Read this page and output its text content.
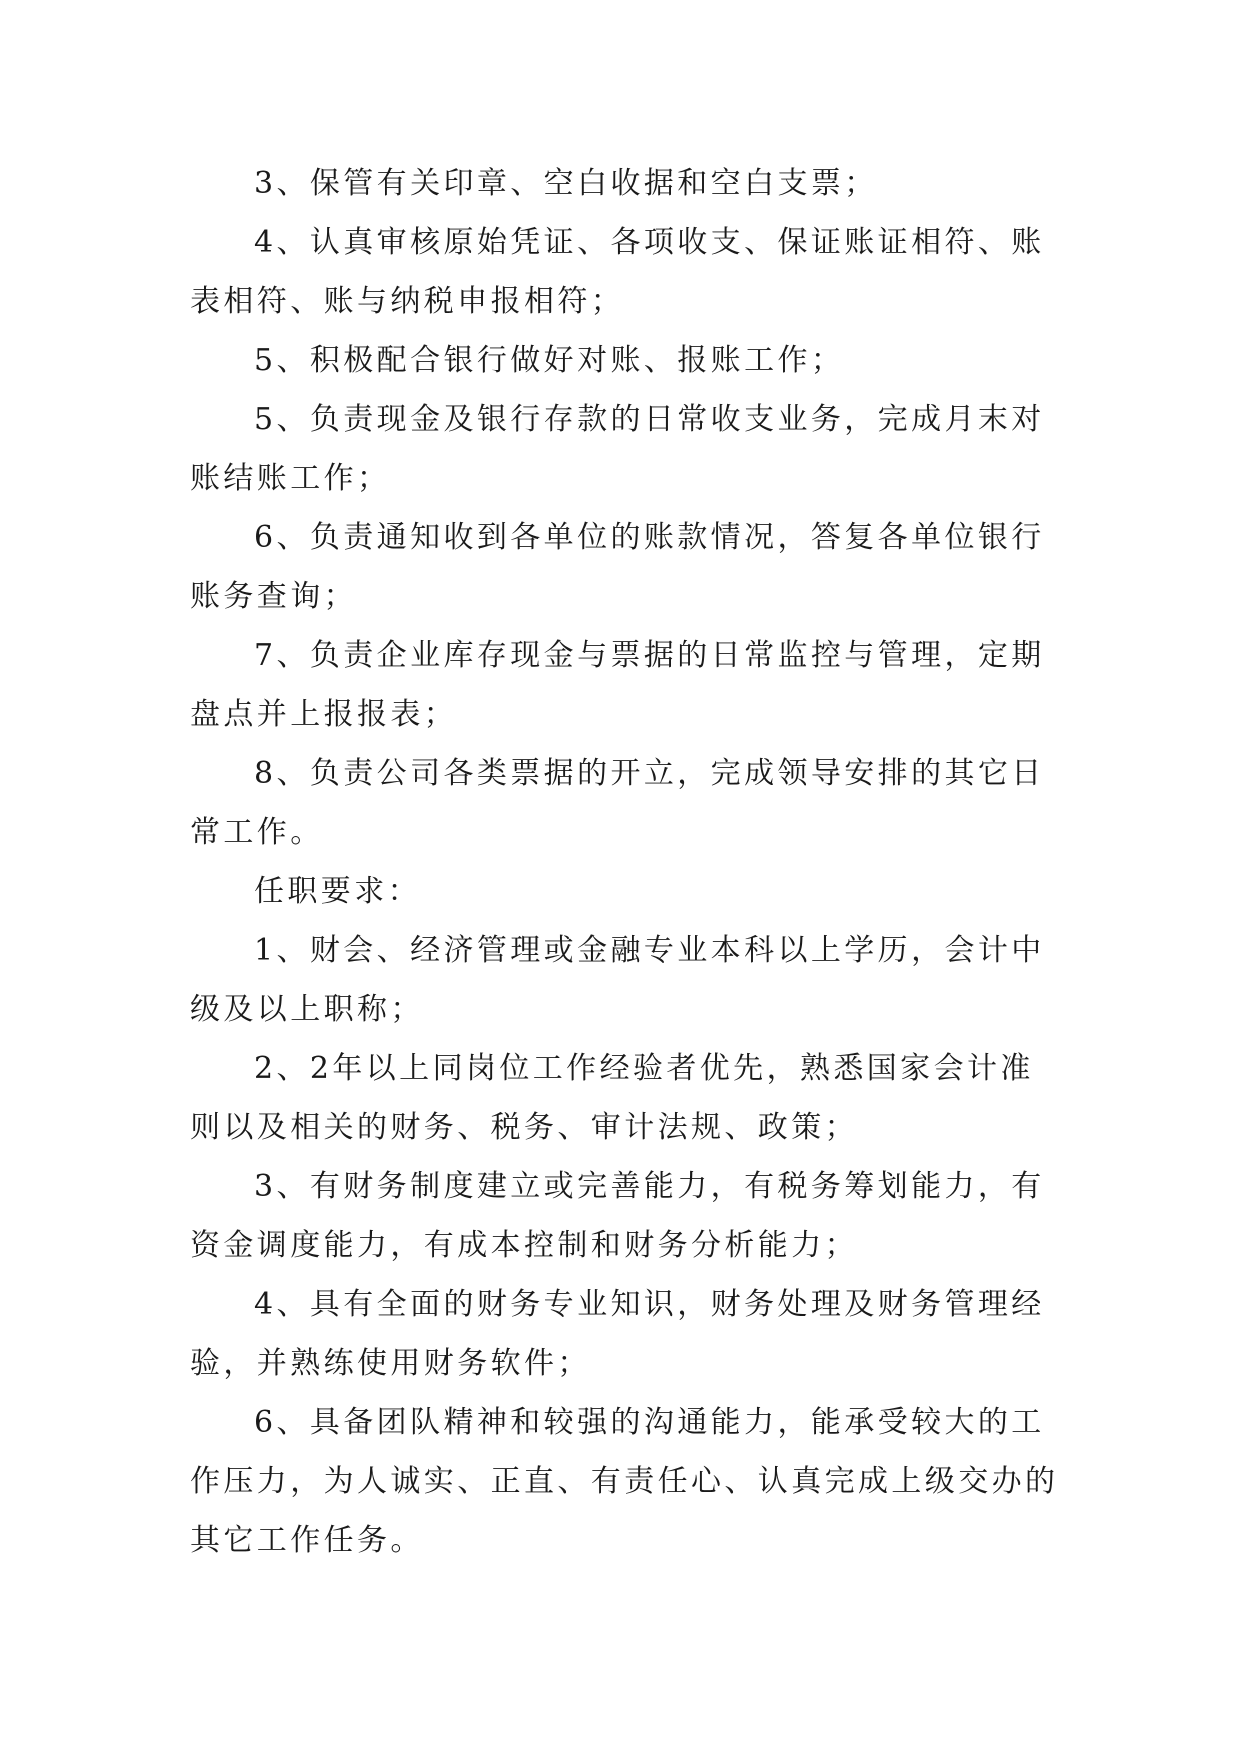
3、保管有关印章、空白收据和空白支票；

4、认真审核原始凭证、各项收支、保证账证相符、账表相符、账与纳税申报相符；

5、积极配合银行做好对账、报账工作；

5、负责现金及银行存款的日常收支业务，完成月末对账结账工作；

6、负责通知收到各单位的账款情况，答复各单位银行账务查询；

7、负责企业库存现金与票据的日常监控与管理，定期盘点并上报报表；

8、负责公司各类票据的开立，完成领导安排的其它日常工作。

任职要求：

1、财会、经济管理或金融专业本科以上学历，会计中级及以上职称；

2、2年以上同岗位工作经验者优先，熟悉国家会计准则以及相关的财务、税务、审计法规、政策；

3、有财务制度建立或完善能力，有税务筹划能力，有资金调度能力，有成本控制和财务分析能力；

4、具有全面的财务专业知识，财务处理及财务管理经验，并熟练使用财务软件；

6、具备团队精神和较强的沟通能力，能承受较大的工作压力，为人诚实、正直、有责任心、认真完成上级交办的其它工作任务。
